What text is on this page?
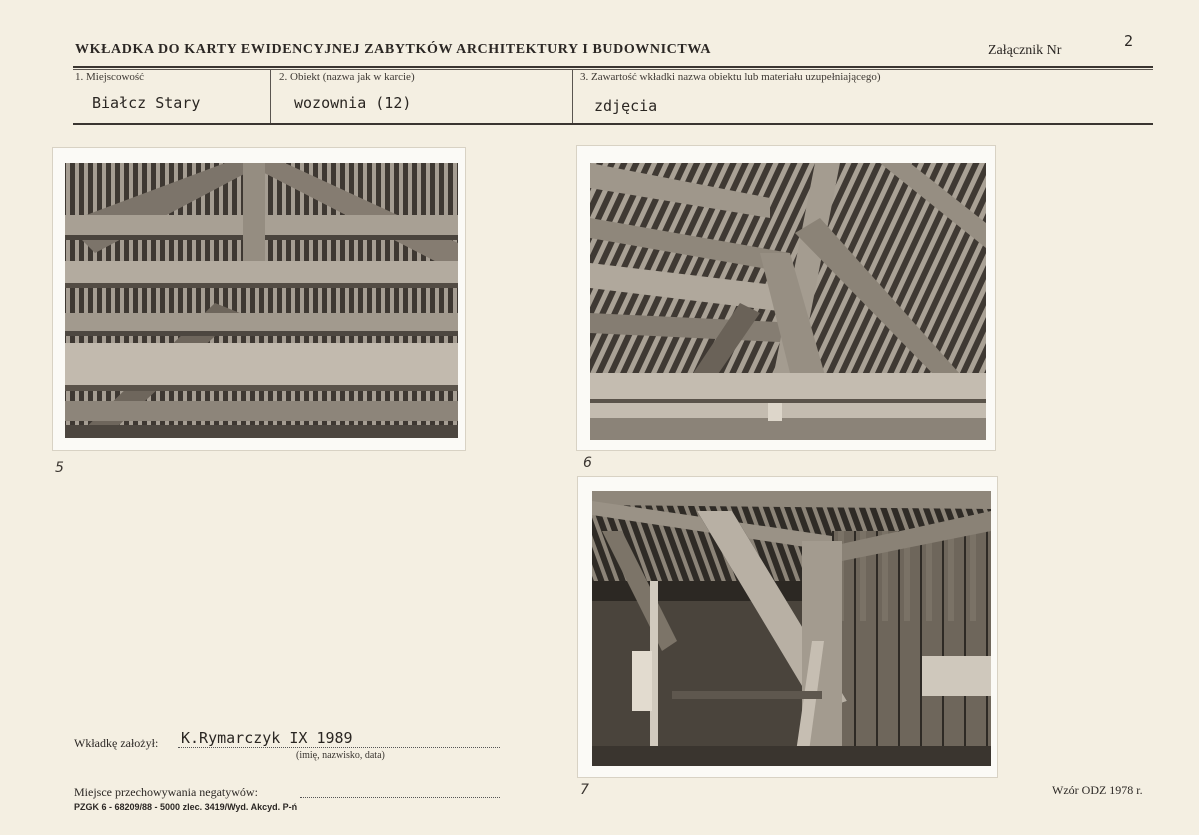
WKŁADKA DO KARTY EWIDENCYJNEJ ZABYTKÓW ARCHITEKTURY I BUDOWNICTWA	Załącznik Nr
2
1. Miejscowość
Białcz Stary
2. Obiekt (nazwa jak w karcie)
wozownia (12)
3. Zawartość wkładki nazwa obiektu lub materiału uzupełniającego)
zdjęcia
5	6
7
Wkładkę założył: K.Rymarczyk IX 1989
(imię, nazwisko, data)
Miejsce przechowywania negatywów:
PZGK 6 - 68209/88 - 5000 zlec. 3419/Wyd. Akcyd. P-ń
Wzór ODZ 1978 r.
